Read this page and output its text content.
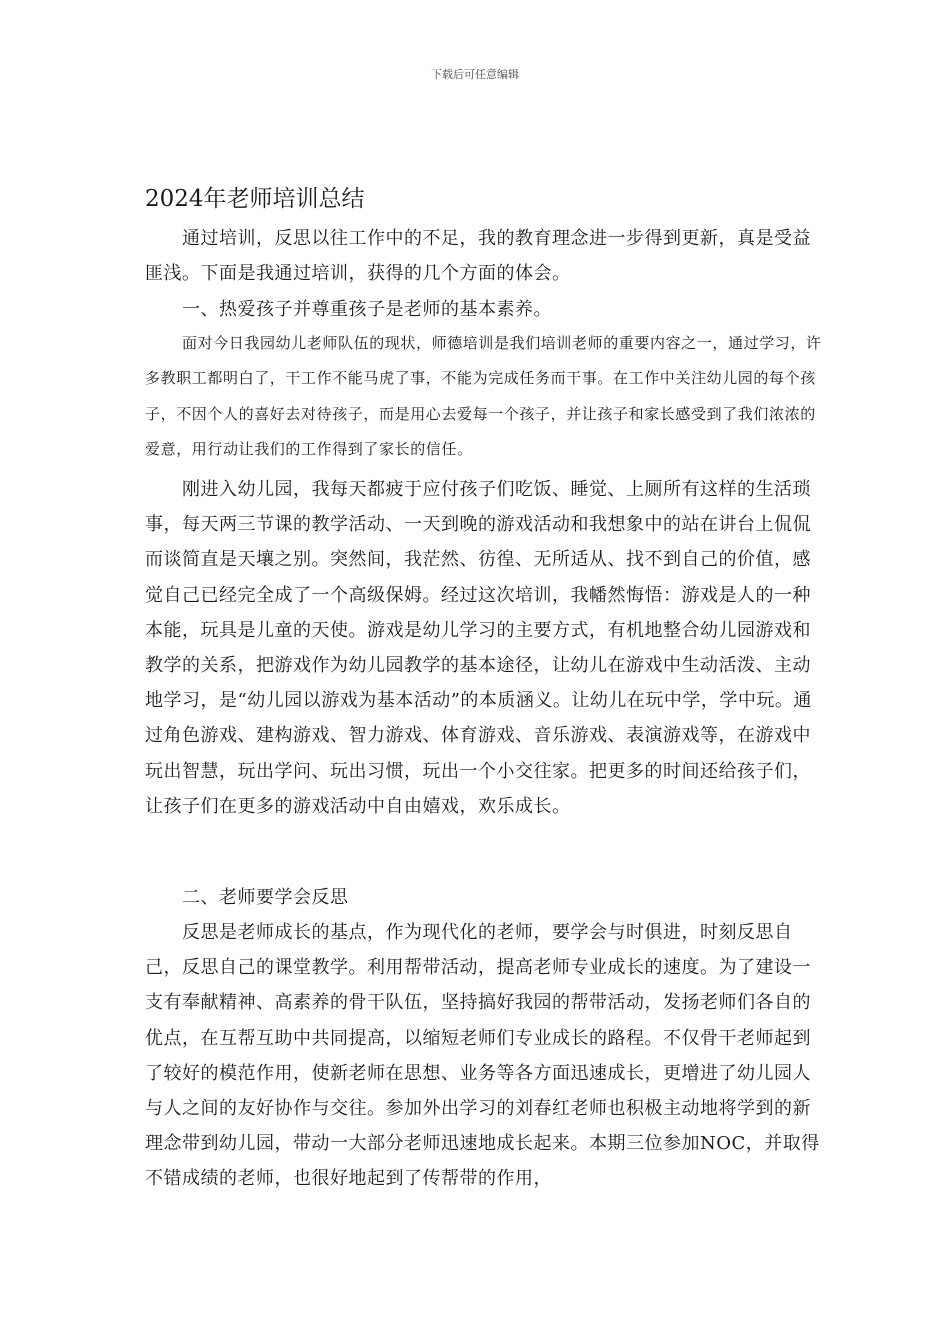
下载后可任意编辑
2024年老师培训总结
通过培训，反思以往工作中的不足，我的教育理念进一步得到更新，真是受益匪浅。下面是我通过培训，获得的几个方面的体会。
一、热爱孩子并尊重孩子是老师的基本素养。
面对今日我园幼儿老师队伍的现状，师德培训是我们培训老师的重要内容之一，通过学习，许多教职工都明白了，干工作不能马虎了事，不能为完成任务而干事。在工作中关注幼儿园的每个孩子，不因个人的喜好去对待孩子，而是用心去爱每一个孩子，并让孩子和家长感受到了我们浓浓的爱意，用行动让我们的工作得到了家长的信任。
刚进入幼儿园，我每天都疲于应付孩子们吃饭、睡觉、上厕所有这样的生活琐事，每天两三节课的教学活动、一天到晚的游戏活动和我想象中的站在讲台上侃侃而谈简直是天壤之别。突然间，我茫然、彷徨、无所适从、找不到自己的价值，感觉自己已经完全成了一个高级保姆。经过这次培训，我幡然悔悟：游戏是人的一种本能，玩具是儿童的天使。游戏是幼儿学习的主要方式，有机地整合幼儿园游戏和教学的关系，把游戏作为幼儿园教学的基本途径，让幼儿在游戏中生动活泼、主动地学习，是“幼儿园以游戏为基本活动”的本质涵义。让幼儿在玩中学，学中玩。通过角色游戏、建构游戏、智力游戏、体育游戏、音乐游戏、表演游戏等，在游戏中玩出智慧，玩出学问、玩出习惯，玩出一个小交往家。把更多的时间还给孩子们，让孩子们在更多的游戏活动中自由嬉戏，欢乐成长。
二、老师要学会反思
反思是老师成长的基点，作为现代化的老师，要学会与时俱进，时刻反思自己，反思自己的课堂教学。利用帮带活动，提高老师专业成长的速度。为了建设一支有奉献精神、高素养的骨干队伍，坚持搞好我园的帮带活动，发扬老师们各自的优点，在互帮互助中共同提高，以缩短老师们专业成长的路程。不仅骨干老师起到了较好的模范作用，使新老师在思想、业务等各方面迅速成长，更增进了幼儿园人与人之间的友好协作与交往。参加外出学习的刘春红老师也积极主动地将学到的新理念带到幼儿园，带动一大部分老师迅速地成长起来。本期三位参加NOC，并取得不错成绩的老师，也很好地起到了传帮带的作用，
